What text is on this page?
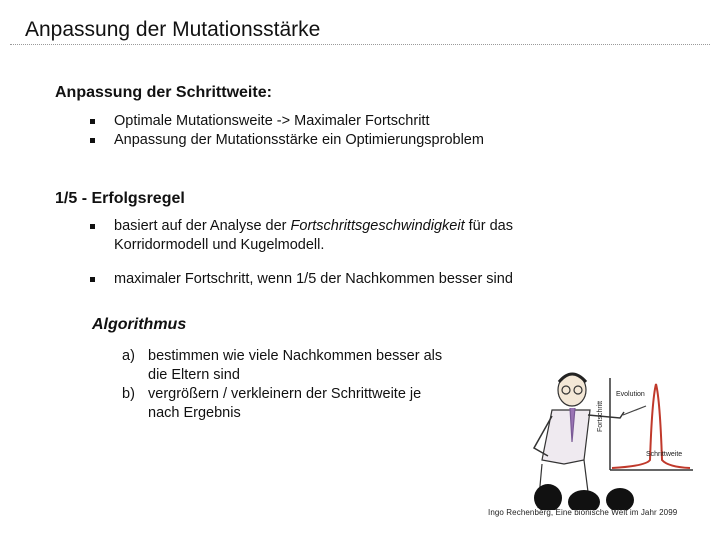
Anpassung der Mutationsstärke
Anpassung der Schrittweite:
Optimale Mutationsweite -> Maximaler Fortschritt
Anpassung der Mutationsstärke ein Optimierungsproblem
1/5 - Erfolgsregel
basiert auf der Analyse der Fortschrittsgeschwindigkeit für das Korridormodell und Kugelmodell.
maximaler Fortschritt, wenn 1/5 der Nachkommen besser sind
Algorithmus
a) bestimmen wie viele Nachkommen besser als die Eltern sind
b) vergrößern / verkleinern der Schrittweite je nach Ergebnis	Fortschritt
Evolution
Schrittweite
Ingo Rechenberg, Eine bionische Welt im Jahr 2099
